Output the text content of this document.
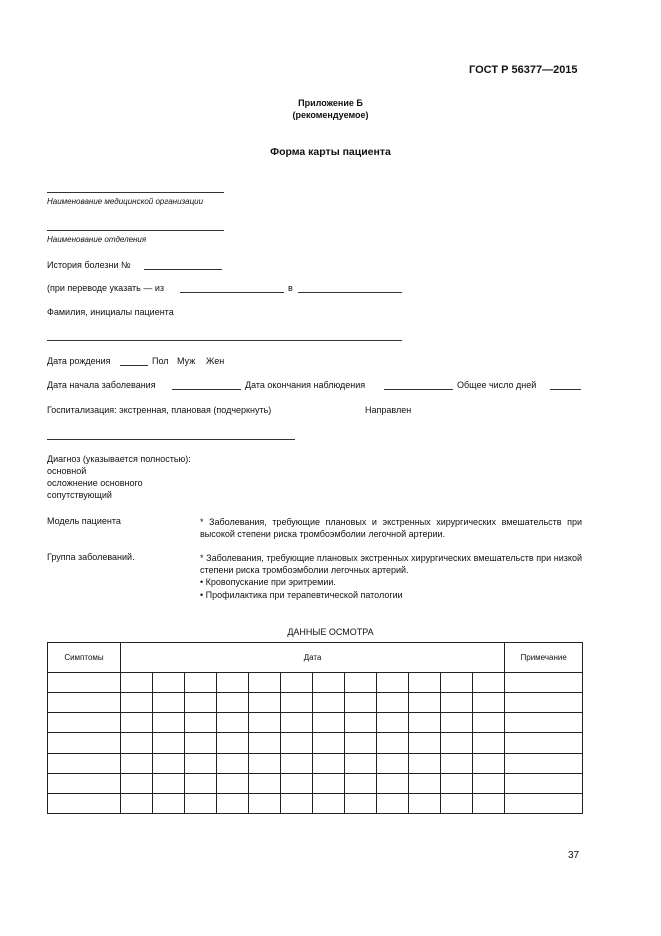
ГОСТ Р 56377—2015
Приложение Б
(рекомендуемое)
Форма карты пациента
Наименование медицинской организации
Наименование отделения
История болезни №
(при переводе указать — из	в
Фамилия, инициалы пациента
Дата рождения	Пол Муж Жен
Дата начала заболевания	Дата окончания наблюдения	Общее число дней
Госпитализация: экстренная, плановая (подчеркнуть)	Направлен
Диагноз (указывается полностью):
основной
осложнение основного
сопутствующий
Модель пациента	* Заболевания, требующие плановых и экстренных хирургических вмешательств при высокой степени риска тромбоэмболии легочной артерии.
Группа заболеваний.	* Заболевания, требующие плановых экстренных хирургических вмешательств при низкой степени риска тромбоэмболии легочных артерий.
• Кровопускание при эритремии.
• Профилактика при терапевтической патологии
ДАННЫЕ ОСМОТРА
Симптомы	Дата												Примечание

37
